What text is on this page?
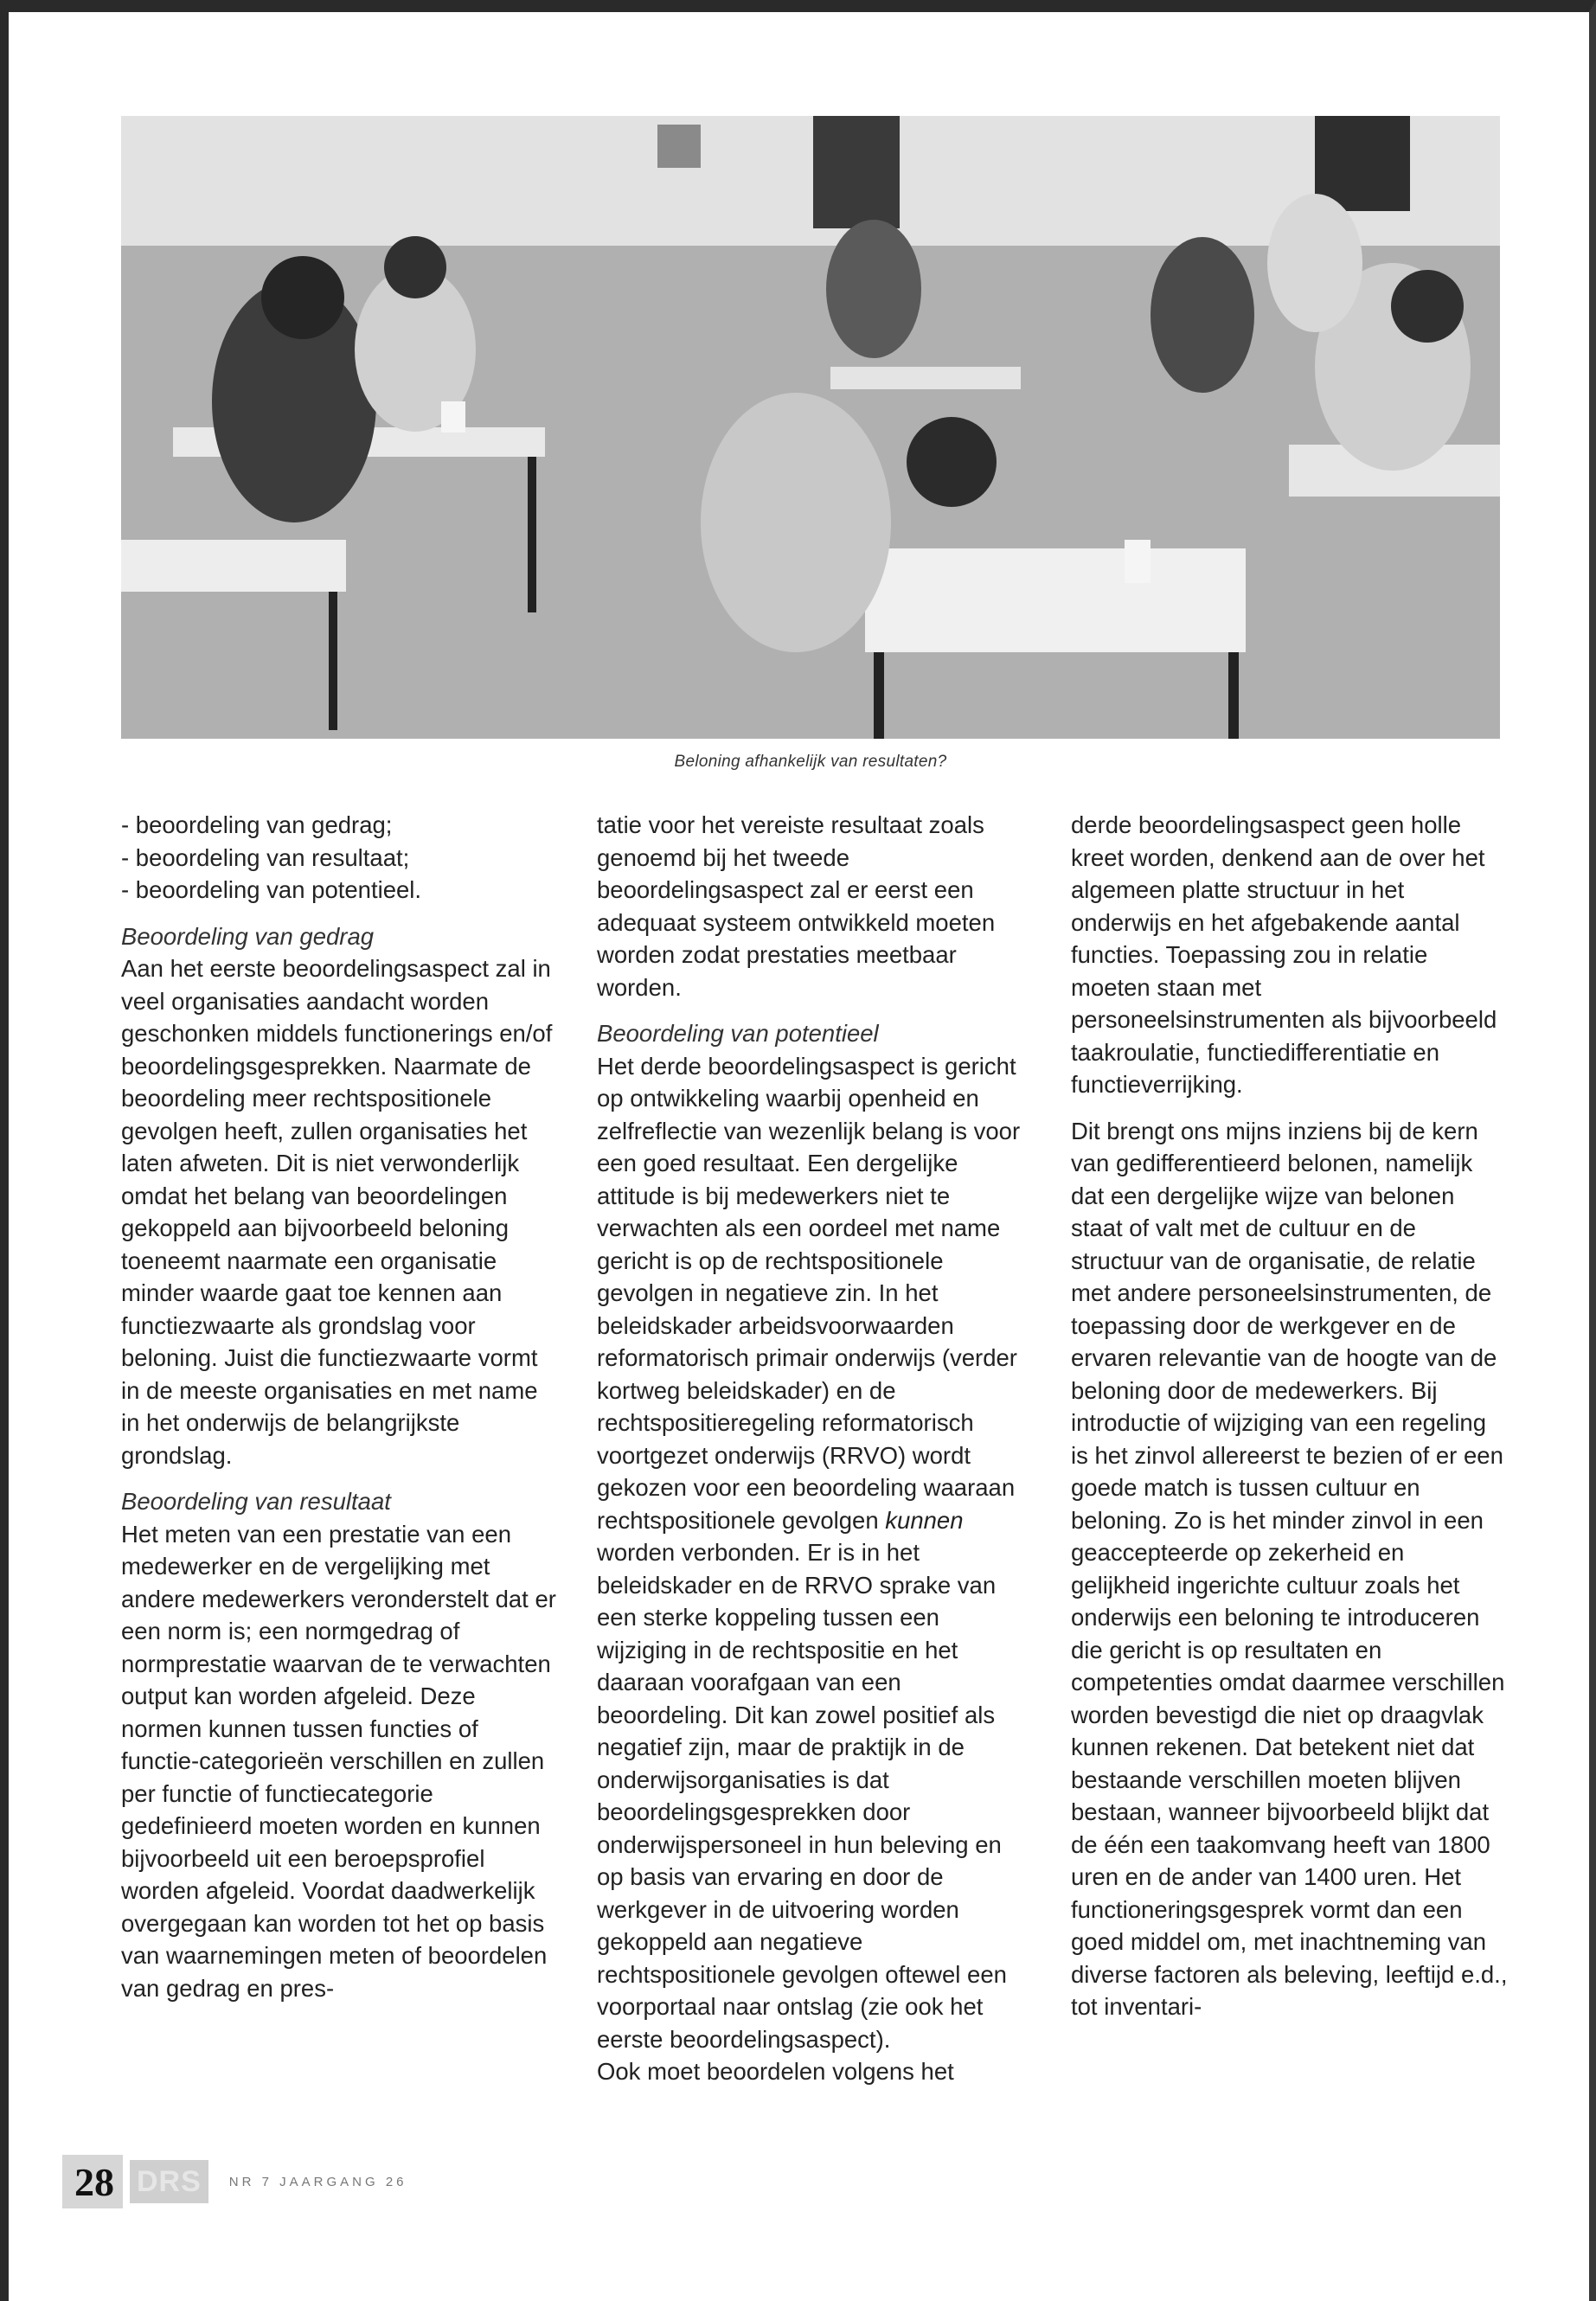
Beloning afhankelijk van resultaten?

- beoordeling van gedrag;
- beoordeling van resultaat;
- beoordeling van potentieel.

Beoordeling van gedrag
Aan het eerste beoordelingsaspect zal in veel organisaties aandacht worden geschonken middels functionerings en/of beoordelingsgesprekken. Naarmate de beoordeling meer rechtspositionele gevolgen heeft, zullen organisaties het laten afweten. Dit is niet verwonderlijk omdat het belang van beoordelingen gekoppeld aan bijvoorbeeld beloning toeneemt naarmate een organisatie minder waarde gaat toe kennen aan functiezwaarte als grondslag voor beloning. Juist die functiezwaarte vormt in de meeste organisaties en met name in het onderwijs de belangrijkste grondslag.

Beoordeling van resultaat
Het meten van een prestatie van een medewerker en de vergelijking met andere medewerkers veronderstelt dat er een norm is; een normgedrag of normprestatie waarvan de te verwachten output kan worden afgeleid. Deze normen kunnen tussen functies of functie-categorieën verschillen en zullen per functie of functiecategorie gedefinieerd moeten worden en kunnen bijvoorbeeld uit een beroepsprofiel worden afgeleid. Voordat daadwerkelijk overgegaan kan worden tot het op basis van waarnemingen meten of beoordelen van gedrag en pres-

tatie voor het vereiste resultaat zoals genoemd bij het tweede beoordelingsaspect zal er eerst een adequaat systeem ontwikkeld moeten worden zodat prestaties meetbaar worden.

Beoordeling van potentieel
Het derde beoordelingsaspect is gericht op ontwikkeling waarbij openheid en zelfreflectie van wezenlijk belang is voor een goed resultaat. Een dergelijke attitude is bij medewerkers niet te verwachten als een oordeel met name gericht is op de rechtspositionele gevolgen in negatieve zin. In het beleidskader arbeidsvoorwaarden reformatorisch primair onderwijs (verder kortweg beleidskader) en de rechtspositieregeling reformatorisch voortgezet onderwijs (RRVO) wordt gekozen voor een beoordeling waaraan rechtspositionele gevolgen kunnen worden verbonden. Er is in het beleidskader en de RRVO sprake van een sterke koppeling tussen een wijziging in de rechtspositie en het daaraan voorafgaan van een beoordeling. Dit kan zowel positief als negatief zijn, maar de praktijk in de onderwijsorganisaties is dat beoordelingsgesprekken door onderwijspersoneel in hun beleving en op basis van ervaring en door de werkgever in de uitvoering worden gekoppeld aan negatieve rechtspositionele gevolgen oftewel een voorportaal naar ontslag (zie ook het eerste beoordelingsaspect).

Ook moet beoordelen volgens het

derde beoordelingsaspect geen holle kreet worden, denkend aan de over het algemeen platte structuur in het onderwijs en het afgebakende aantal functies. Toepassing zou in relatie moeten staan met personeelsinstrumenten als bijvoorbeeld taakroulatie, functiedifferentiatie en functieverrijking.

Dit brengt ons mijns inziens bij de kern van gedifferentieerd belonen, namelijk dat een dergelijke wijze van belonen staat of valt met de cultuur en de structuur van de organisatie, de relatie met andere personeelsinstrumenten, de toepassing door de werkgever en de ervaren relevantie van de hoogte van de beloning door de medewerkers. Bij introductie of wijziging van een regeling is het zinvol allereerst te bezien of er een goede match is tussen cultuur en beloning. Zo is het minder zinvol in een geaccepteerde op zekerheid en gelijkheid ingerichte cultuur zoals het onderwijs een beloning te introduceren die gericht is op resultaten en competenties omdat daarmee verschillen worden bevestigd die niet op draagvlak kunnen rekenen. Dat betekent niet dat bestaande verschillen moeten blijven bestaan, wanneer bijvoorbeeld blijkt dat de één een taakomvang heeft van 1800 uren en de ander van 1400 uren. Het functioneringsgesprek vormt dan een goed middel om, met inachtneming van diverse factoren als beleving, leeftijd e.d., tot inventari-

28 DRS	NR 7 JAARGANG 26
